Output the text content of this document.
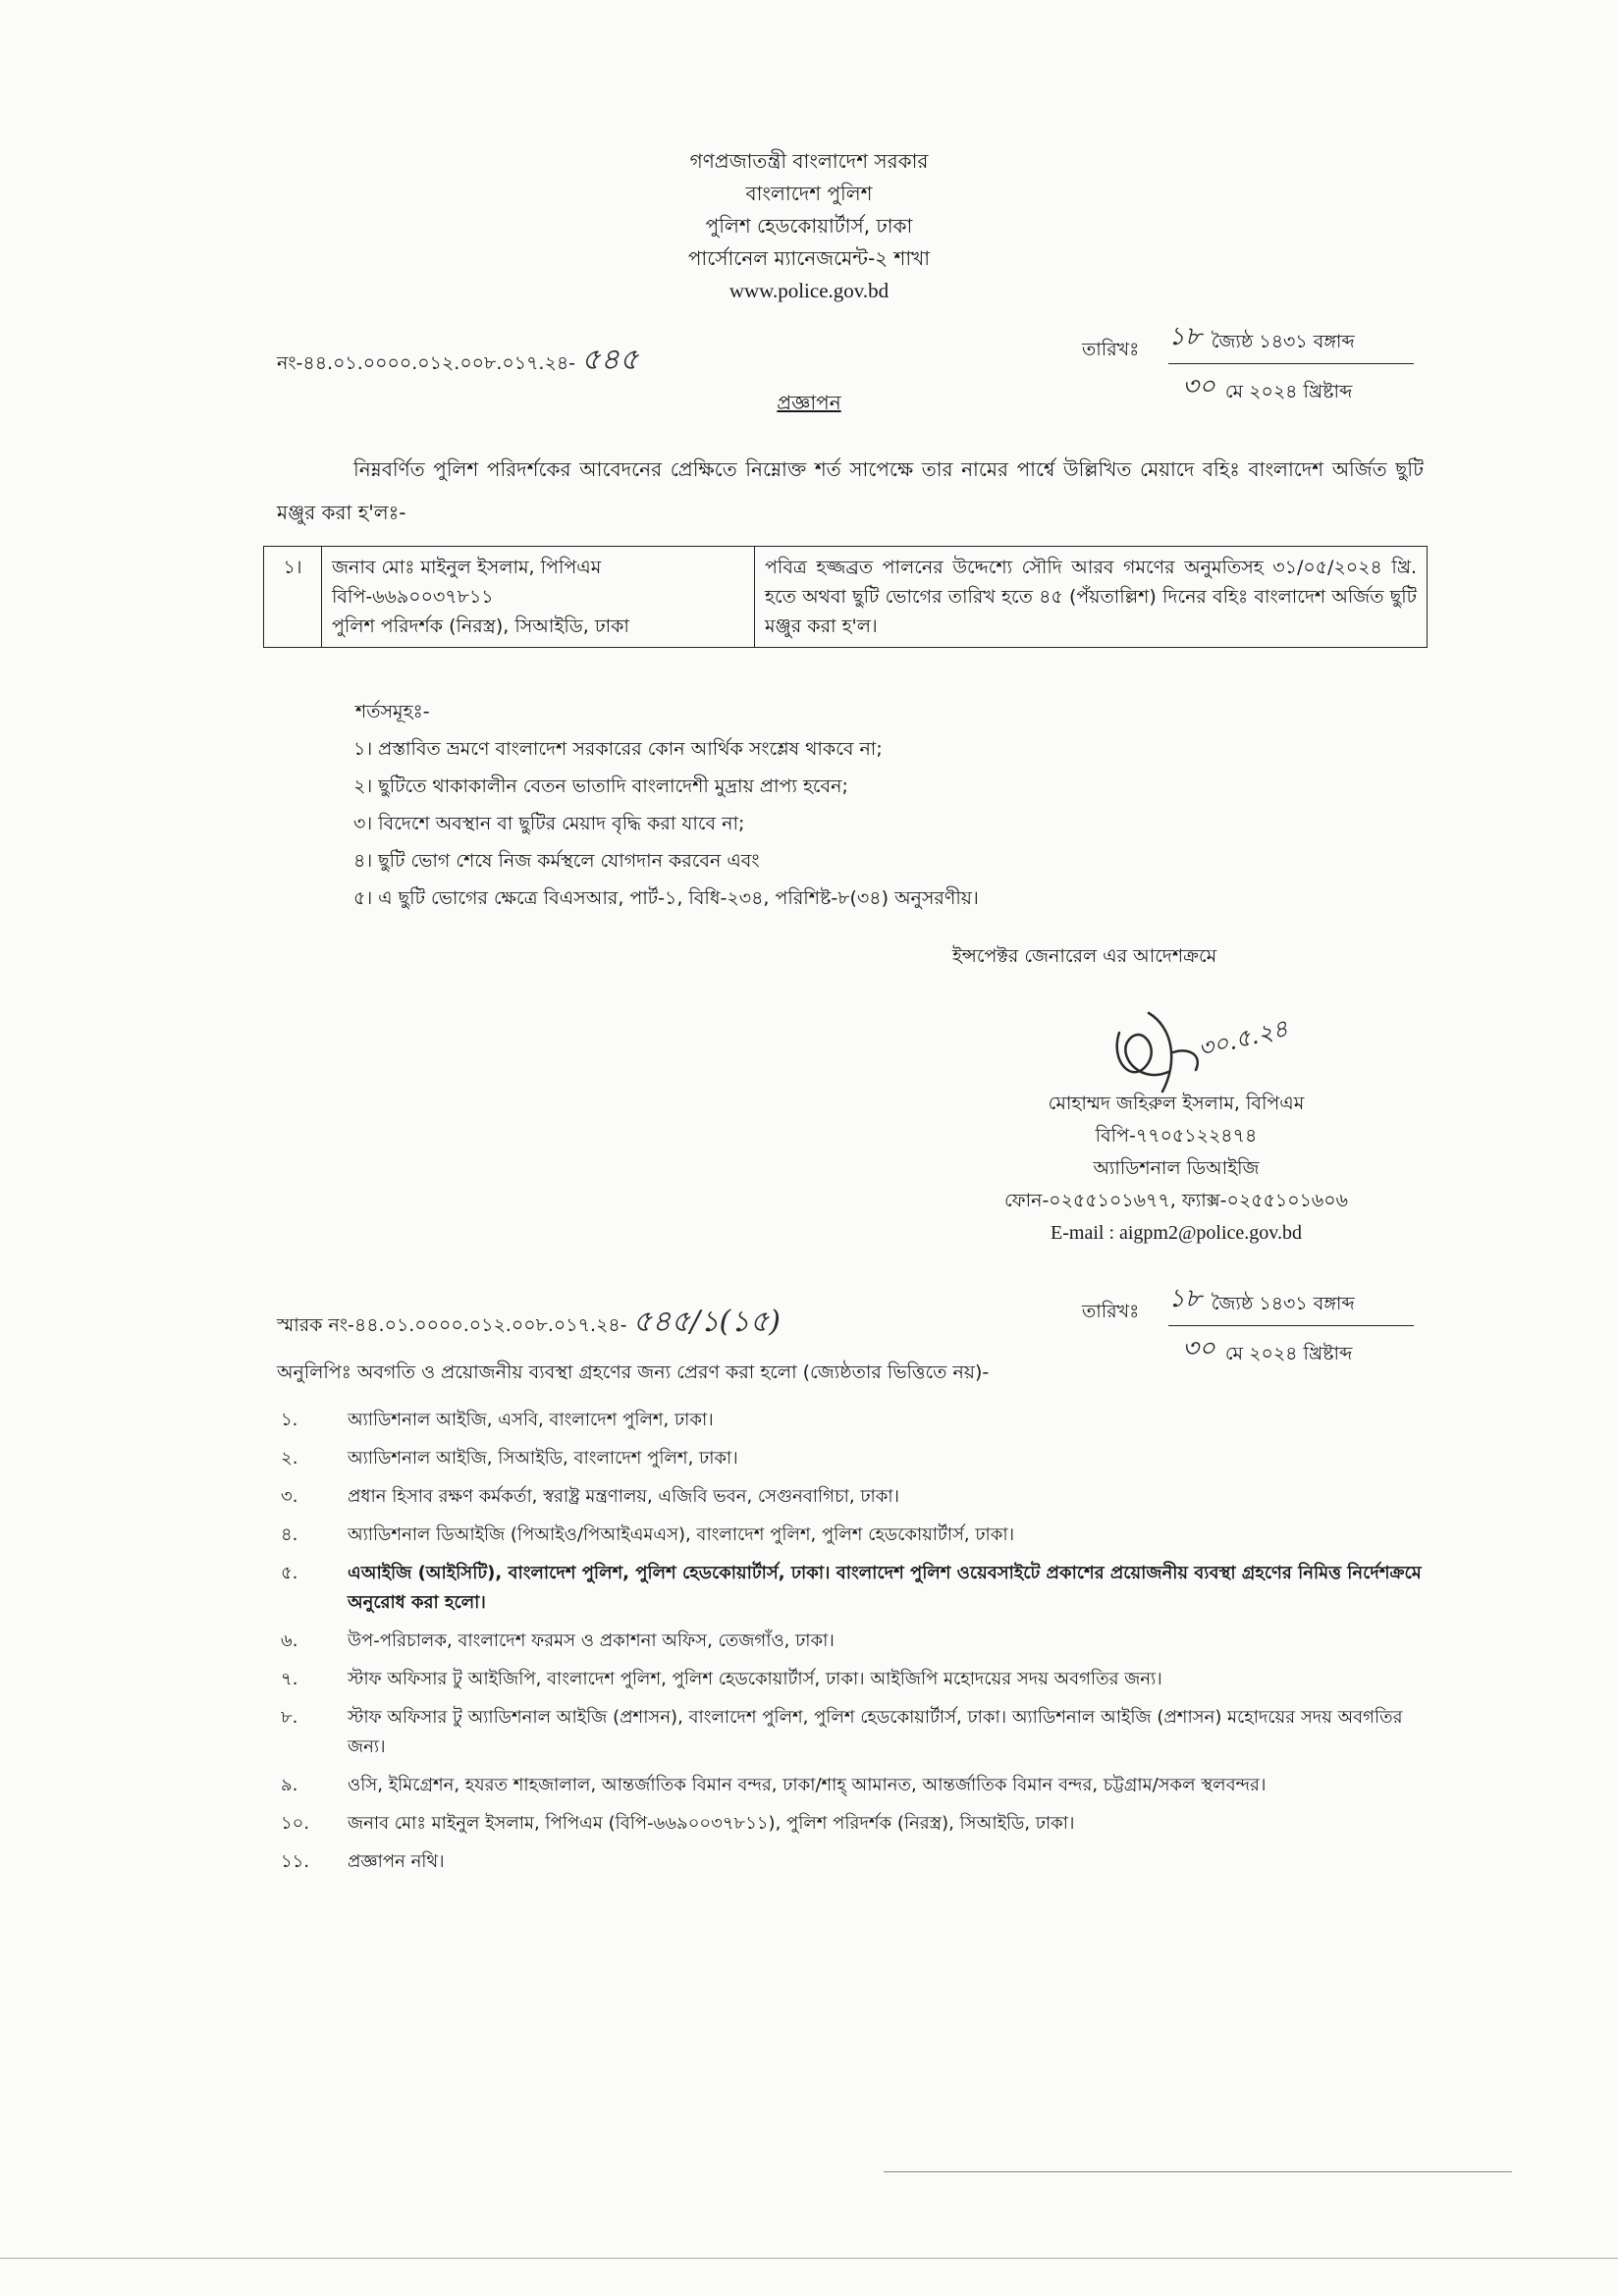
গণপ্রজাতন্ত্রী বাংলাদেশ সরকার
বাংলাদেশ পুলিশ
পুলিশ হেডকোয়ার্টার্স, ঢাকা
পার্সোনেল ম্যানেজমেন্ট-২ শাখা
www.police.gov.bd
নং-৪৪.০১.০০০০.০১২.০০৮.০১৭.২৪- ৫৪৫
১৮ জ্যৈষ্ঠ ১৪৩১ বঙ্গাব্দ
তারিখঃ
৩০ মে ২০২৪ খ্রিষ্টাব্দ
প্রজ্ঞাপন
নিম্নবর্ণিত পুলিশ পরিদর্শকের আবেদনের প্রেক্ষিতে নিম্নোক্ত শর্ত সাপেক্ষে তার নামের পার্শ্বে উল্লিখিত মেয়াদে বহিঃ বাংলাদেশ অর্জিত ছুটি মঞ্জুর করা হ'লঃ-
১।	জনাব মোঃ মাইনুল ইসলাম, পিপিএম
বিপি-৬৬৯০০৩৭৮১১
পুলিশ পরিদর্শক (নিরস্ত্র), সিআইডি, ঢাকা
	পবিত্র হজ্জব্রত পালনের উদ্দেশ্যে সৌদি আরব গমণের অনুমতিসহ ৩১/০৫/২০২৪ খ্রি. হতে অথবা ছুটি ভোগের তারিখ হতে ৪৫ (পঁয়তাল্লিশ) দিনের বহিঃ বাংলাদেশ অর্জিত ছুটি মঞ্জুর করা হ'ল।
শর্তসমূহঃ-
১। প্রস্তাবিত ভ্রমণে বাংলাদেশ সরকারের কোন আর্থিক সংশ্লেষ থাকবে না;
২। ছুটিতে থাকাকালীন বেতন ভাতাদি বাংলাদেশী মুদ্রায় প্রাপ্য হবেন;
৩। বিদেশে অবস্থান বা ছুটির মেয়াদ বৃদ্ধি করা যাবে না;
৪। ছুটি ভোগ শেষে নিজ কর্মস্থলে যোগদান করবেন এবং
৫। এ ছুটি ভোগের ক্ষেত্রে বিএসআর, পার্ট-১, বিধি-২৩৪, পরিশিষ্ট-৮(৩৪) অনুসরণীয়।
ইন্সপেক্টর জেনারেল এর আদেশক্রমে
৩০.৫.২৪
মোহাম্মদ জহিরুল ইসলাম, বিপিএম
বিপি-৭৭০৫১২২৪৭৪
অ্যাডিশনাল ডিআইজি
ফোন-০২৫৫১০১৬৭৭, ফ্যাক্স-০২৫৫১০১৬০৬
E-mail : aigpm2@police.gov.bd
স্মারক নং-৪৪.০১.০০০০.০১২.০০৮.০১৭.২৪- ৫৪৫/১(১৫)
১৮ জ্যৈষ্ঠ ১৪৩১ বঙ্গাব্দ
তারিখঃ
৩০ মে ২০২৪ খ্রিষ্টাব্দ
অনুলিপিঃ অবগতি ও প্রয়োজনীয় ব্যবস্থা গ্রহণের জন্য প্রেরণ করা হলো (জ্যেষ্ঠতার ভিত্তিতে নয়)-
১.	অ্যাডিশনাল আইজি, এসবি, বাংলাদেশ পুলিশ, ঢাকা।
২.	অ্যাডিশনাল আইজি, সিআইডি, বাংলাদেশ পুলিশ, ঢাকা।
৩.	প্রধান হিসাব রক্ষণ কর্মকর্তা, স্বরাষ্ট্র মন্ত্রণালয়, এজিবি ভবন, সেগুনবাগিচা, ঢাকা।
৪.	অ্যাডিশনাল ডিআইজি (পিআইও/পিআইএমএস), বাংলাদেশ পুলিশ, পুলিশ হেডকোয়ার্টার্স, ঢাকা।
৫.	এআইজি (আইসিটি), বাংলাদেশ পুলিশ, পুলিশ হেডকোয়ার্টার্স, ঢাকা। বাংলাদেশ পুলিশ ওয়েবসাইটে প্রকাশের প্রয়োজনীয় ব্যবস্থা গ্রহণের নিমিত্ত নির্দেশক্রমে অনুরোধ করা হলো।
৬.	উপ-পরিচালক, বাংলাদেশ ফরমস ও প্রকাশনা অফিস, তেজগাঁও, ঢাকা।
৭.	স্টাফ অফিসার টু আইজিপি, বাংলাদেশ পুলিশ, পুলিশ হেডকোয়ার্টার্স, ঢাকা। আইজিপি মহোদয়ের সদয় অবগতির জন্য।
৮.	স্টাফ অফিসার টু অ্যাডিশনাল আইজি (প্রশাসন), বাংলাদেশ পুলিশ, পুলিশ হেডকোয়ার্টার্স, ঢাকা। অ্যাডিশনাল আইজি (প্রশাসন) মহোদয়ের সদয় অবগতির জন্য।
৯.	ওসি, ইমিগ্রেশন, হযরত শাহজালাল, আন্তর্জাতিক বিমান বন্দর, ঢাকা/শাহ্ আমানত, আন্তর্জাতিক বিমান বন্দর, চট্টগ্রাম/সকল স্থলবন্দর।
১০.	জনাব মোঃ মাইনুল ইসলাম, পিপিএম (বিপি-৬৬৯০০৩৭৮১১), পুলিশ পরিদর্শক (নিরস্ত্র), সিআইডি, ঢাকা।
১১.	প্রজ্ঞাপন নথি।
